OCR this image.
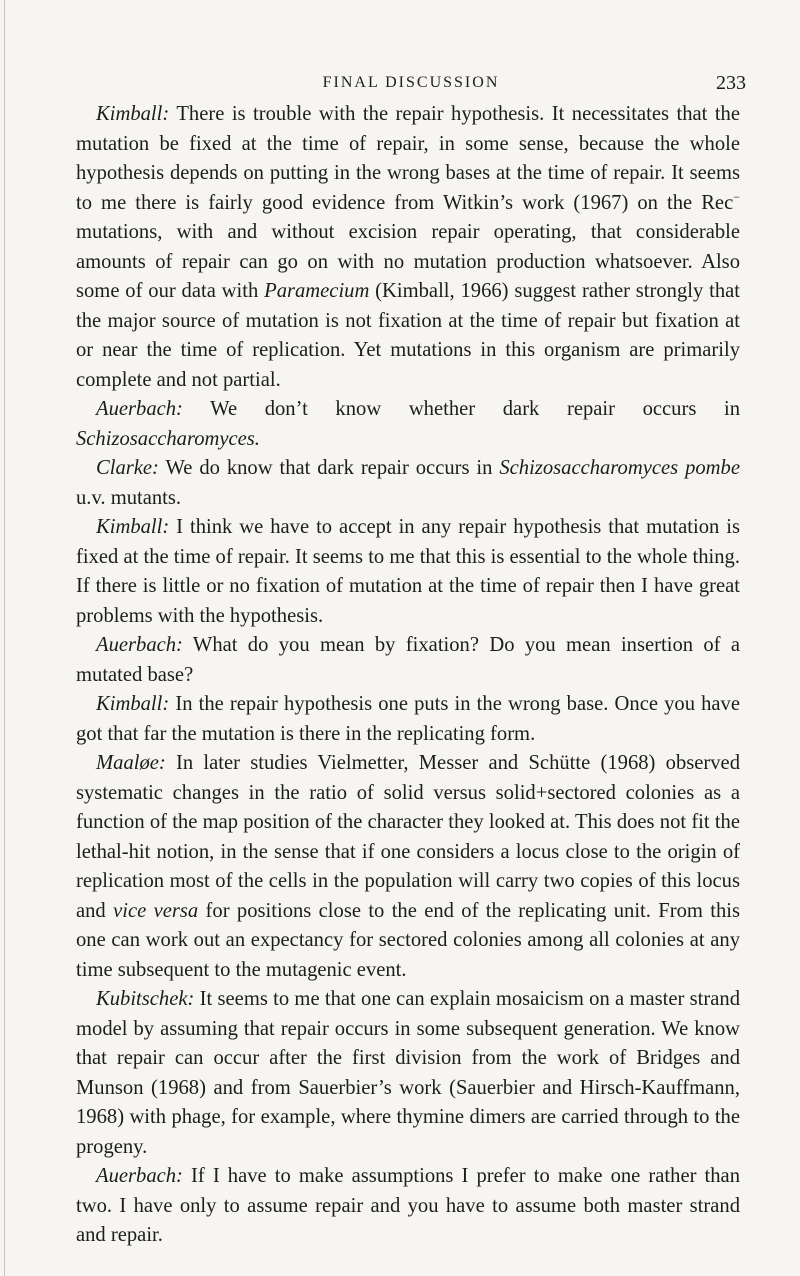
FINAL DISCUSSION	233

Kimball: There is trouble with the repair hypothesis. It necessitates that the mutation be fixed at the time of repair, in some sense, because the whole hypothesis depends on putting in the wrong bases at the time of repair. It seems to me there is fairly good evidence from Witkin’s work (1967) on the Rec− mutations, with and without excision repair operating, that considerable amounts of repair can go on with no mutation production whatsoever. Also some of our data with Paramecium (Kimball, 1966) suggest rather strongly that the major source of mutation is not fixation at the time of repair but fixation at or near the time of replication. Yet mutations in this organism are primarily complete and not partial.

Auerbach: We don’t know whether dark repair occurs in Schizosaccharomyces.

Clarke: We do know that dark repair occurs in Schizosaccharomyces pombe u.v. mutants.

Kimball: I think we have to accept in any repair hypothesis that mutation is fixed at the time of repair. It seems to me that this is essential to the whole thing. If there is little or no fixation of mutation at the time of repair then I have great problems with the hypothesis.

Auerbach: What do you mean by fixation? Do you mean insertion of a mutated base?

Kimball: In the repair hypothesis one puts in the wrong base. Once you have got that far the mutation is there in the replicating form.

Maaløe: In later studies Vielmetter, Messer and Schütte (1968) observed systematic changes in the ratio of solid versus solid+sectored colonies as a function of the map position of the character they looked at. This does not fit the lethal-hit notion, in the sense that if one considers a locus close to the origin of replication most of the cells in the population will carry two copies of this locus and vice versa for positions close to the end of the replicating unit. From this one can work out an expectancy for sectored colonies among all colonies at any time subsequent to the mutagenic event.

Kubitschek: It seems to me that one can explain mosaicism on a master strand model by assuming that repair occurs in some subsequent generation. We know that repair can occur after the first division from the work of Bridges and Munson (1968) and from Sauerbier’s work (Sauerbier and Hirsch-Kauffmann, 1968) with phage, for example, where thymine dimers are carried through to the progeny.

Auerbach: If I have to make assumptions I prefer to make one rather than two. I have only to assume repair and you have to assume both master strand and repair.
